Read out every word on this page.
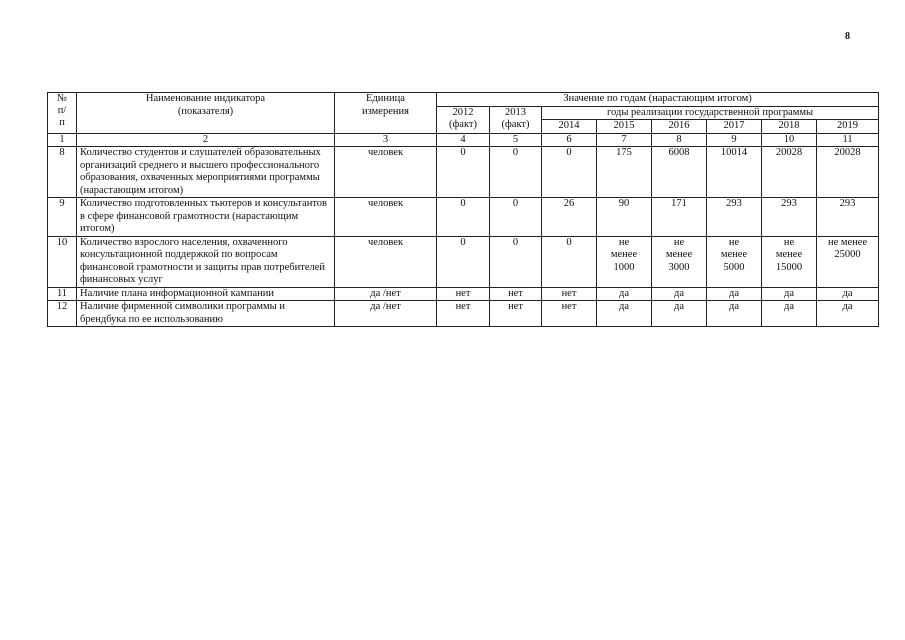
8
№
п/
п	Наименование индикатора (показателя)	Единица измерения	Значение по годам (нарастающим итогом)							
			2012 (факт)	2013 (факт)	годы реализации государственной программы					
					2014	2015	2016	2017	2018	2019
1	2	3	4	5	6	7	8	9	10	11
8	Количество студентов и слушателей образовательных организаций среднего и высшего профессионального образования, охваченных мероприятиями программы (нарастающим итогом)	человек	0	0	0	175	6008	10014	20028	20028
9	Количество подготовленных тьютеров и консультантов в сфере финансовой грамотности (нарастающим итогом)	человек	0	0	26	90	171	293	293	293
10	Количество взрослого населения, охваченного консультационной поддержкой по вопросам финансовой грамотности и защиты прав потребителей финансовых услуг	человек	0	0	0	не менее 1000	не менее 3000	не менее 5000	не менее 15000	не менее 25000
11	Наличие плана информационной кампании	да /нет	нет	нет	нет	да	да	да	да	да
12	Наличие фирменной символики программы и брендбука по ее использованию	да /нет	нет	нет	нет	да	да	да	да	да
